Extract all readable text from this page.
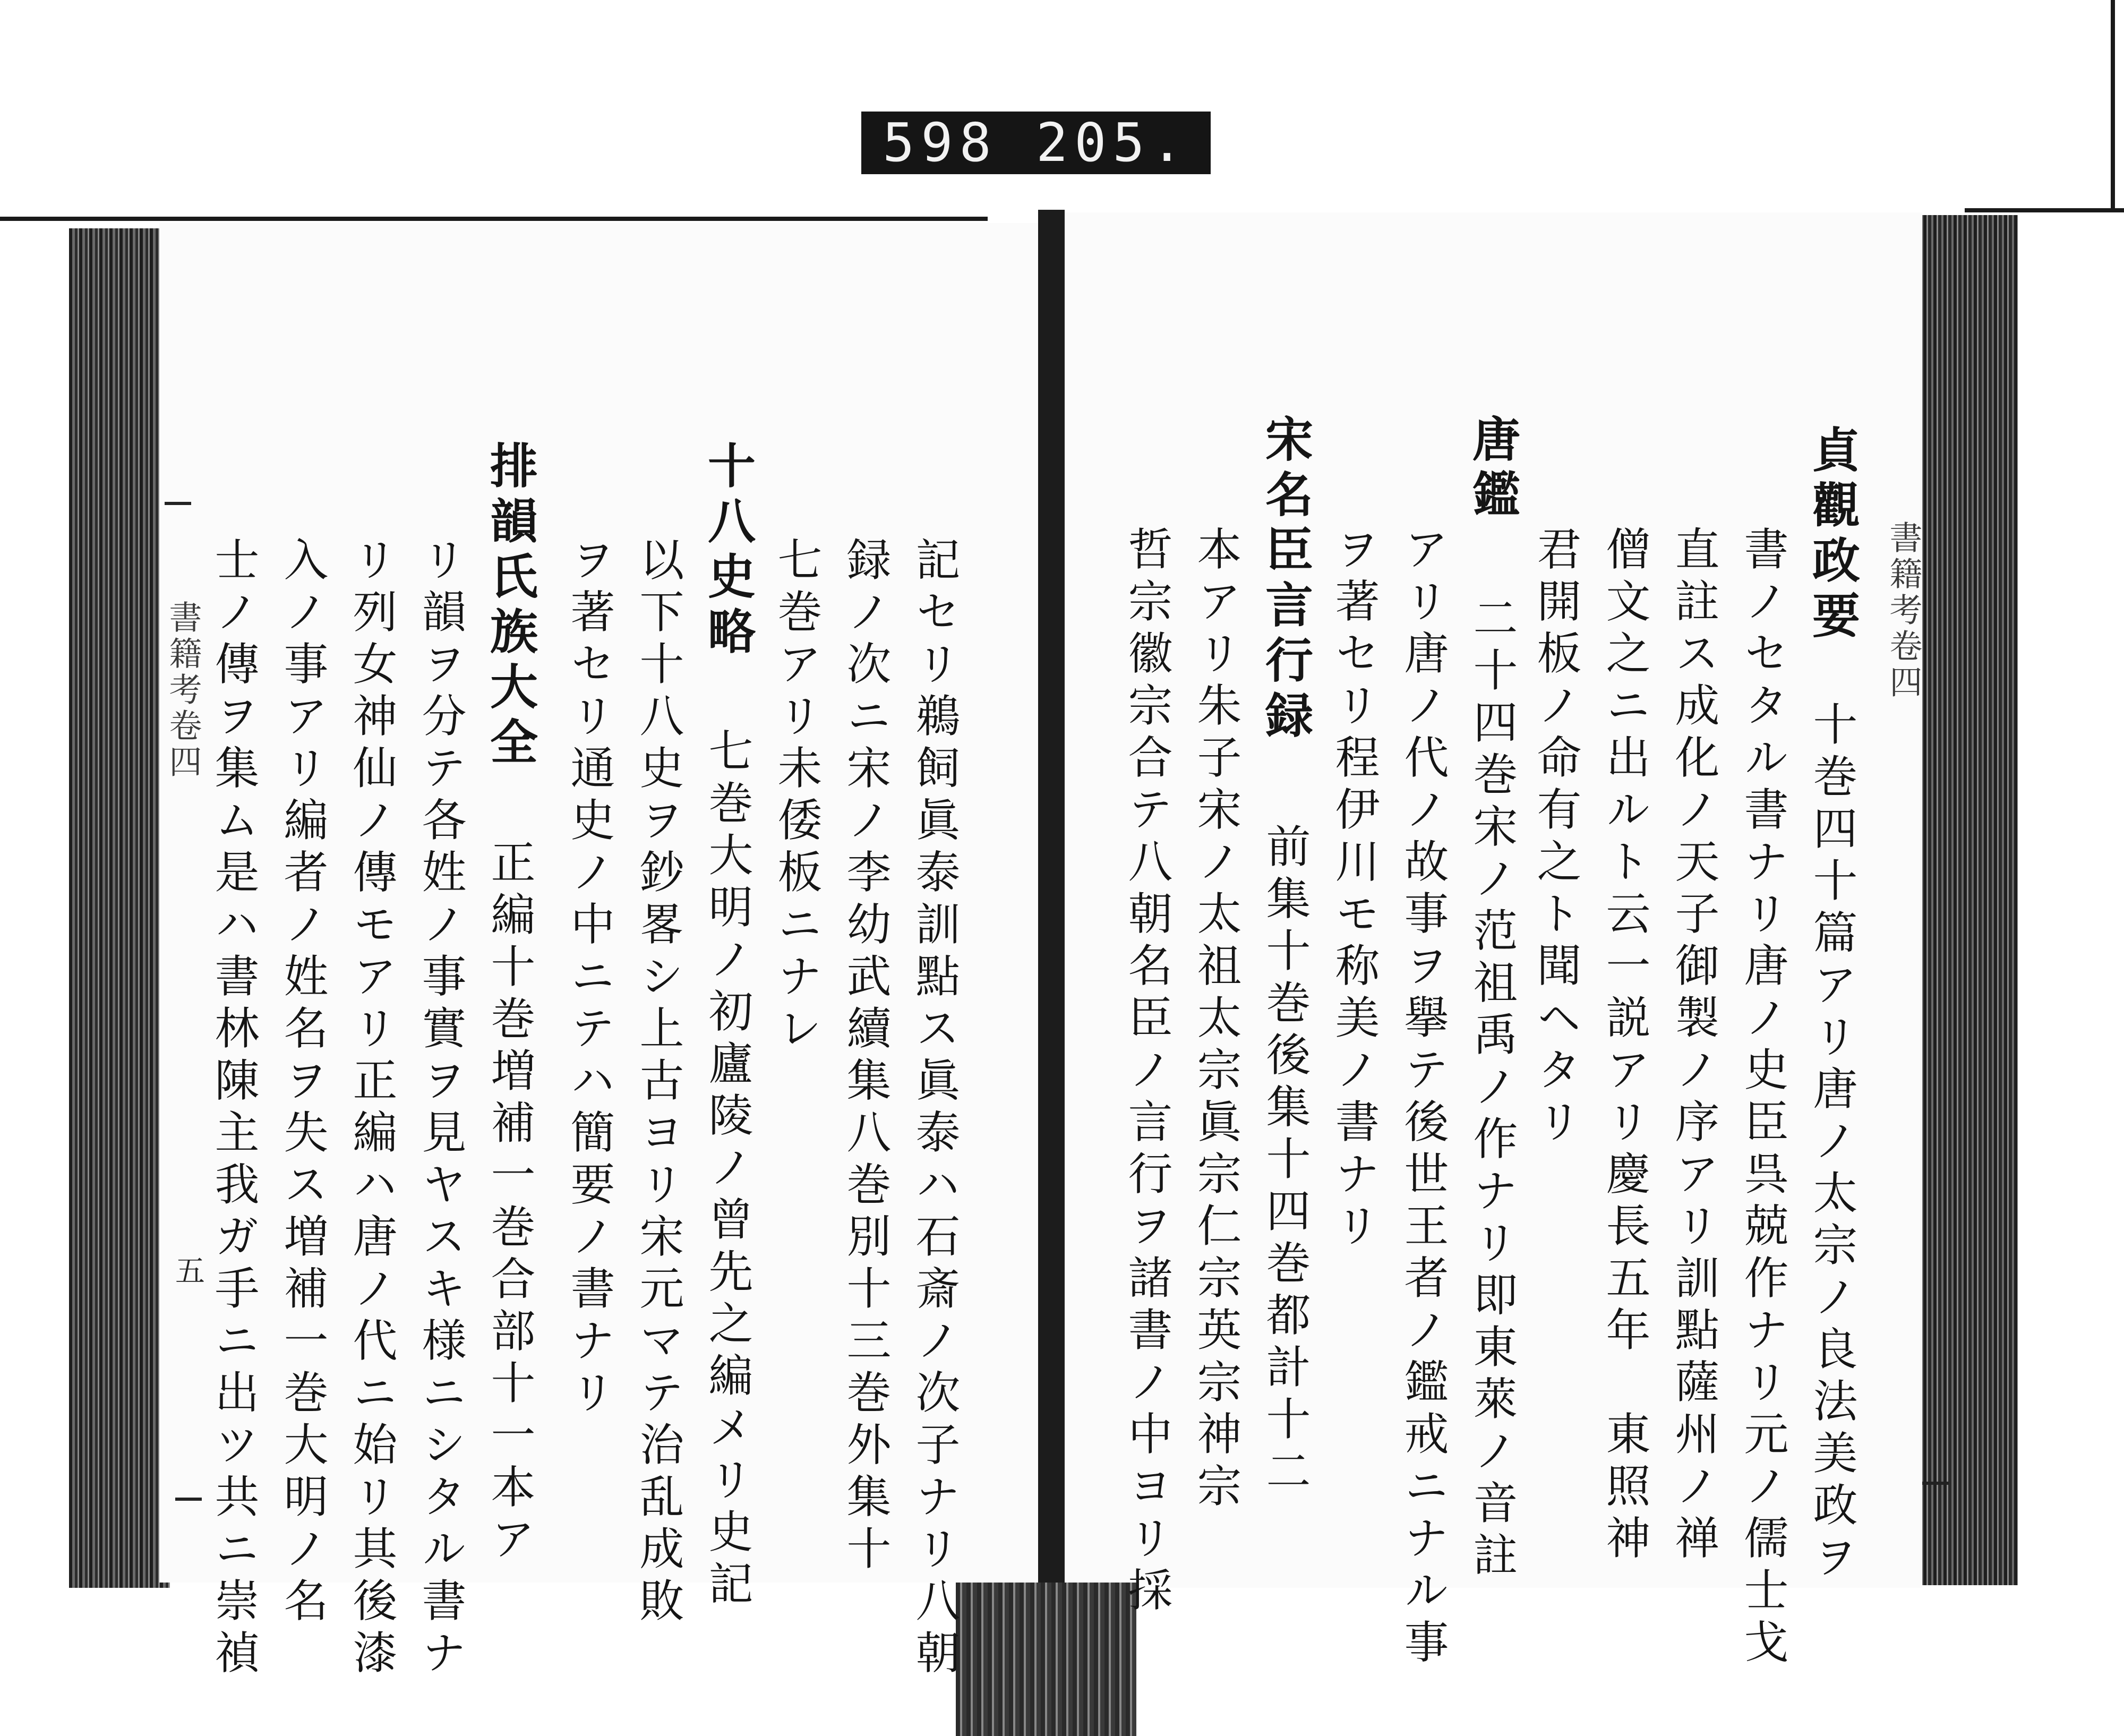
598 205.
書籍考卷四
貞觀政要
十巻四十篇アリ唐ノ太宗ノ良法美政ヲ
書ノセタル書ナリ唐ノ史臣呉兢作ナリ元ノ儒士戈
直註ス成化ノ天子御製ノ序アリ訓點薩州ノ禅
僧文之ニ出ルト云一説アリ慶長五年　東照神
君開板ノ命有之ト聞ヘタリ
唐鑑
二十四巻宋ノ范祖禹ノ作ナリ即東萊ノ音註
アリ唐ノ代ノ故事ヲ擧テ後世王者ノ鑑戒ニナル事
ヲ著セリ程伊川モ称美ノ書ナリ
宋名臣言行録
前集十巻後集十四巻都計十二
本アリ朱子宋ノ太祖太宗眞宗仁宗英宗神宗
哲宗徽宗合テ八朝名臣ノ言行ヲ諸書ノ中ヨリ採
記セリ鵜飼眞泰訓點ス眞泰ハ石斎ノ次子ナリ八朝
録ノ次ニ宋ノ李幼武續集八巻別十三巻外集十
七巻アリ未倭板ニナレ
十八史略
七巻大明ノ初廬陵ノ曾先之編メリ史記
以下十八史ヲ鈔畧シ上古ヨリ宋元マテ治乱成敗
ヲ著セリ通史ノ中ニテハ簡要ノ書ナリ
排韻氏族大全
正編十巻増補一巻合部十一本ア
リ韻ヲ分テ各姓ノ事實ヲ見ヤスキ様ニシタル書ナ
リ列女神仙ノ傳モアリ正編ハ唐ノ代ニ始リ其後漆
入ノ事アリ編者ノ姓名ヲ失ス増補一巻大明ノ名
士ノ傳ヲ集ム是ハ書林陳主我ガ手ニ出ツ共ニ崇禎
書籍考卷四
五
